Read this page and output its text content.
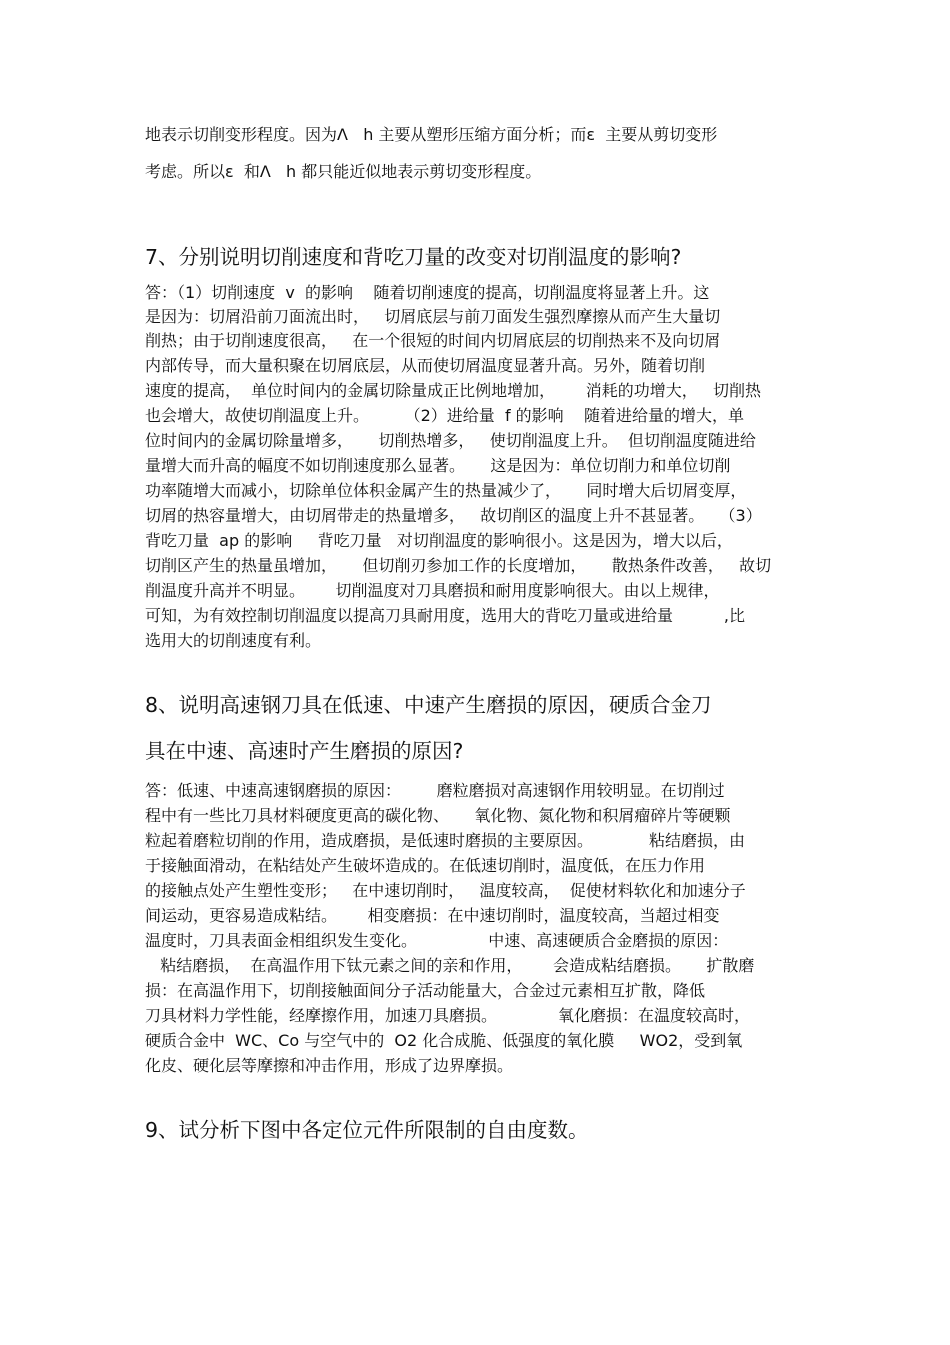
地表示切削变形程度。因为Λ   h 主要从塑形压缩方面分析；而ε  主要从剪切变形
考虑。所以ε  和Λ   h 都只能近似地表示剪切变形程度。
7、分别说明切削速度和背吃刀量的改变对切削温度的影响?
答：（1）切削速度  v  的影响    随着切削速度的提高，切削温度将显著上升。这
是因为：切屑沿前刀面流出时，   切屑底层与前刀面发生强烈摩擦从而产生大量切
削热；由于切削速度很高，   在一个很短的时间内切屑底层的切削热来不及向切屑
内部传导，而大量积聚在切屑底层，从而使切屑温度显著升高。另外，随着切削
速度的提高，  单位时间内的金属切除量成正比例地增加，      消耗的功增大，   切削热
也会增大，故使切削温度上升。       （2）进给量  f 的影响    随着进给量的增大，单
位时间内的金属切除量增多，     切削热增多，   使切削温度上升。  但切削温度随进给
量增大而升高的幅度不如切削速度那么显著。     这是因为：单位切削力和单位切削
功率随增大而减小，切除单位体积金属产生的热量减少了，     同时增大后切屑变厚，
切屑的热容量增大，由切屑带走的热量增多，   故切削区的温度上升不甚显著。   （3）
背吃刀量  ap 的影响     背吃刀量   对切削温度的影响很小。这是因为，增大以后，
切削区产生的热量虽增加，     但切削刃参加工作的长度增加，     散热条件改善，   故切
削温度升高并不明显。      切削温度对刀具磨损和耐用度影响很大。由以上规律，
可知，为有效控制切削温度以提高刀具耐用度，选用大的背吃刀量或进给量          ,比
选用大的切削速度有利。
8、说明高速钢刀具在低速、中速产生磨损的原因，硬质合金刀
具在中速、高速时产生磨损的原因?
答：低速、中速高速钢磨损的原因：       磨粒磨损对高速钢作用较明显。在切削过
程中有一些比刀具材料硬度更高的碳化物、     氧化物、氮化物和积屑瘤碎片等硬颗
粒起着磨粒切削的作用，造成磨损，是低速时磨损的主要原因。           粘结磨损，由
于接触面滑动，在粘结处产生破坏造成的。在低速切削时，温度低，在压力作用
的接触点处产生塑性变形；   在中速切削时，   温度较高，  促使材料软化和加速分子
间运动，更容易造成粘结。      相变磨损：在中速切削时，温度较高，当超过相变
温度时，刀具表面金相组织发生变化。              中速、高速硬质合金磨损的原因：
粘结磨损，  在高温作用下钛元素之间的亲和作用，      会造成粘结磨损。     扩散磨
损：在高温作用下，切削接触面间分子活动能量大，合金过元素相互扩散，降低
刀具材料力学性能，经摩擦作用，加速刀具磨损。            氧化磨损：在温度较高时，
硬质合金中  WC、Co 与空气中的  O2 化合成脆、低强度的氧化膜     WO2，受到氧
化皮、硬化层等摩擦和冲击作用，形成了边界摩损。
9、试分析下图中各定位元件所限制的自由度数。
